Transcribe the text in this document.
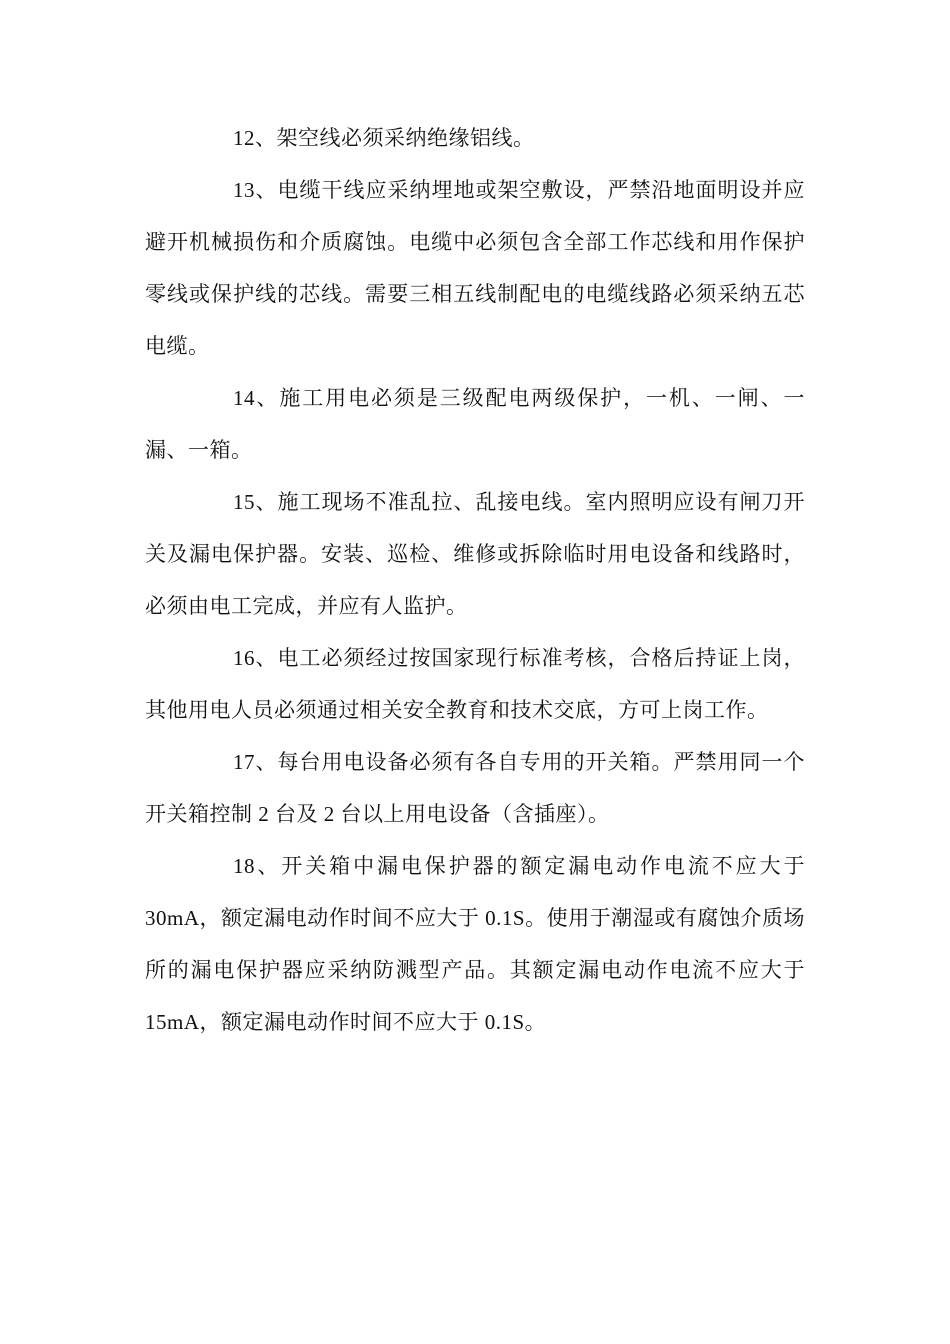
12、架空线必须采纳绝缘铝线。

13、电缆干线应采纳埋地或架空敷设，严禁沿地面明设并应避开机械损伤和介质腐蚀。电缆中必须包含全部工作芯线和用作保护零线或保护线的芯线。需要三相五线制配电的电缆线路必须采纳五芯电缆。

14、施工用电必须是三级配电两级保护，一机、一闸、一漏、一箱。

15、施工现场不准乱拉、乱接电线。室内照明应设有闸刀开关及漏电保护器。安装、巡检、维修或拆除临时用电设备和线路时，必须由电工完成，并应有人监护。

16、电工必须经过按国家现行标准考核，合格后持证上岗，其他用电人员必须通过相关安全教育和技术交底，方可上岗工作。

17、每台用电设备必须有各自专用的开关箱。严禁用同一个开关箱控制 2 台及 2 台以上用电设备（含插座）。

18、开关箱中漏电保护器的额定漏电动作电流不应大于30mA，额定漏电动作时间不应大于 0.1S。使用于潮湿或有腐蚀介质场所的漏电保护器应采纳防溅型产品。其额定漏电动作电流不应大于 15mA，额定漏电动作时间不应大于 0.1S。
